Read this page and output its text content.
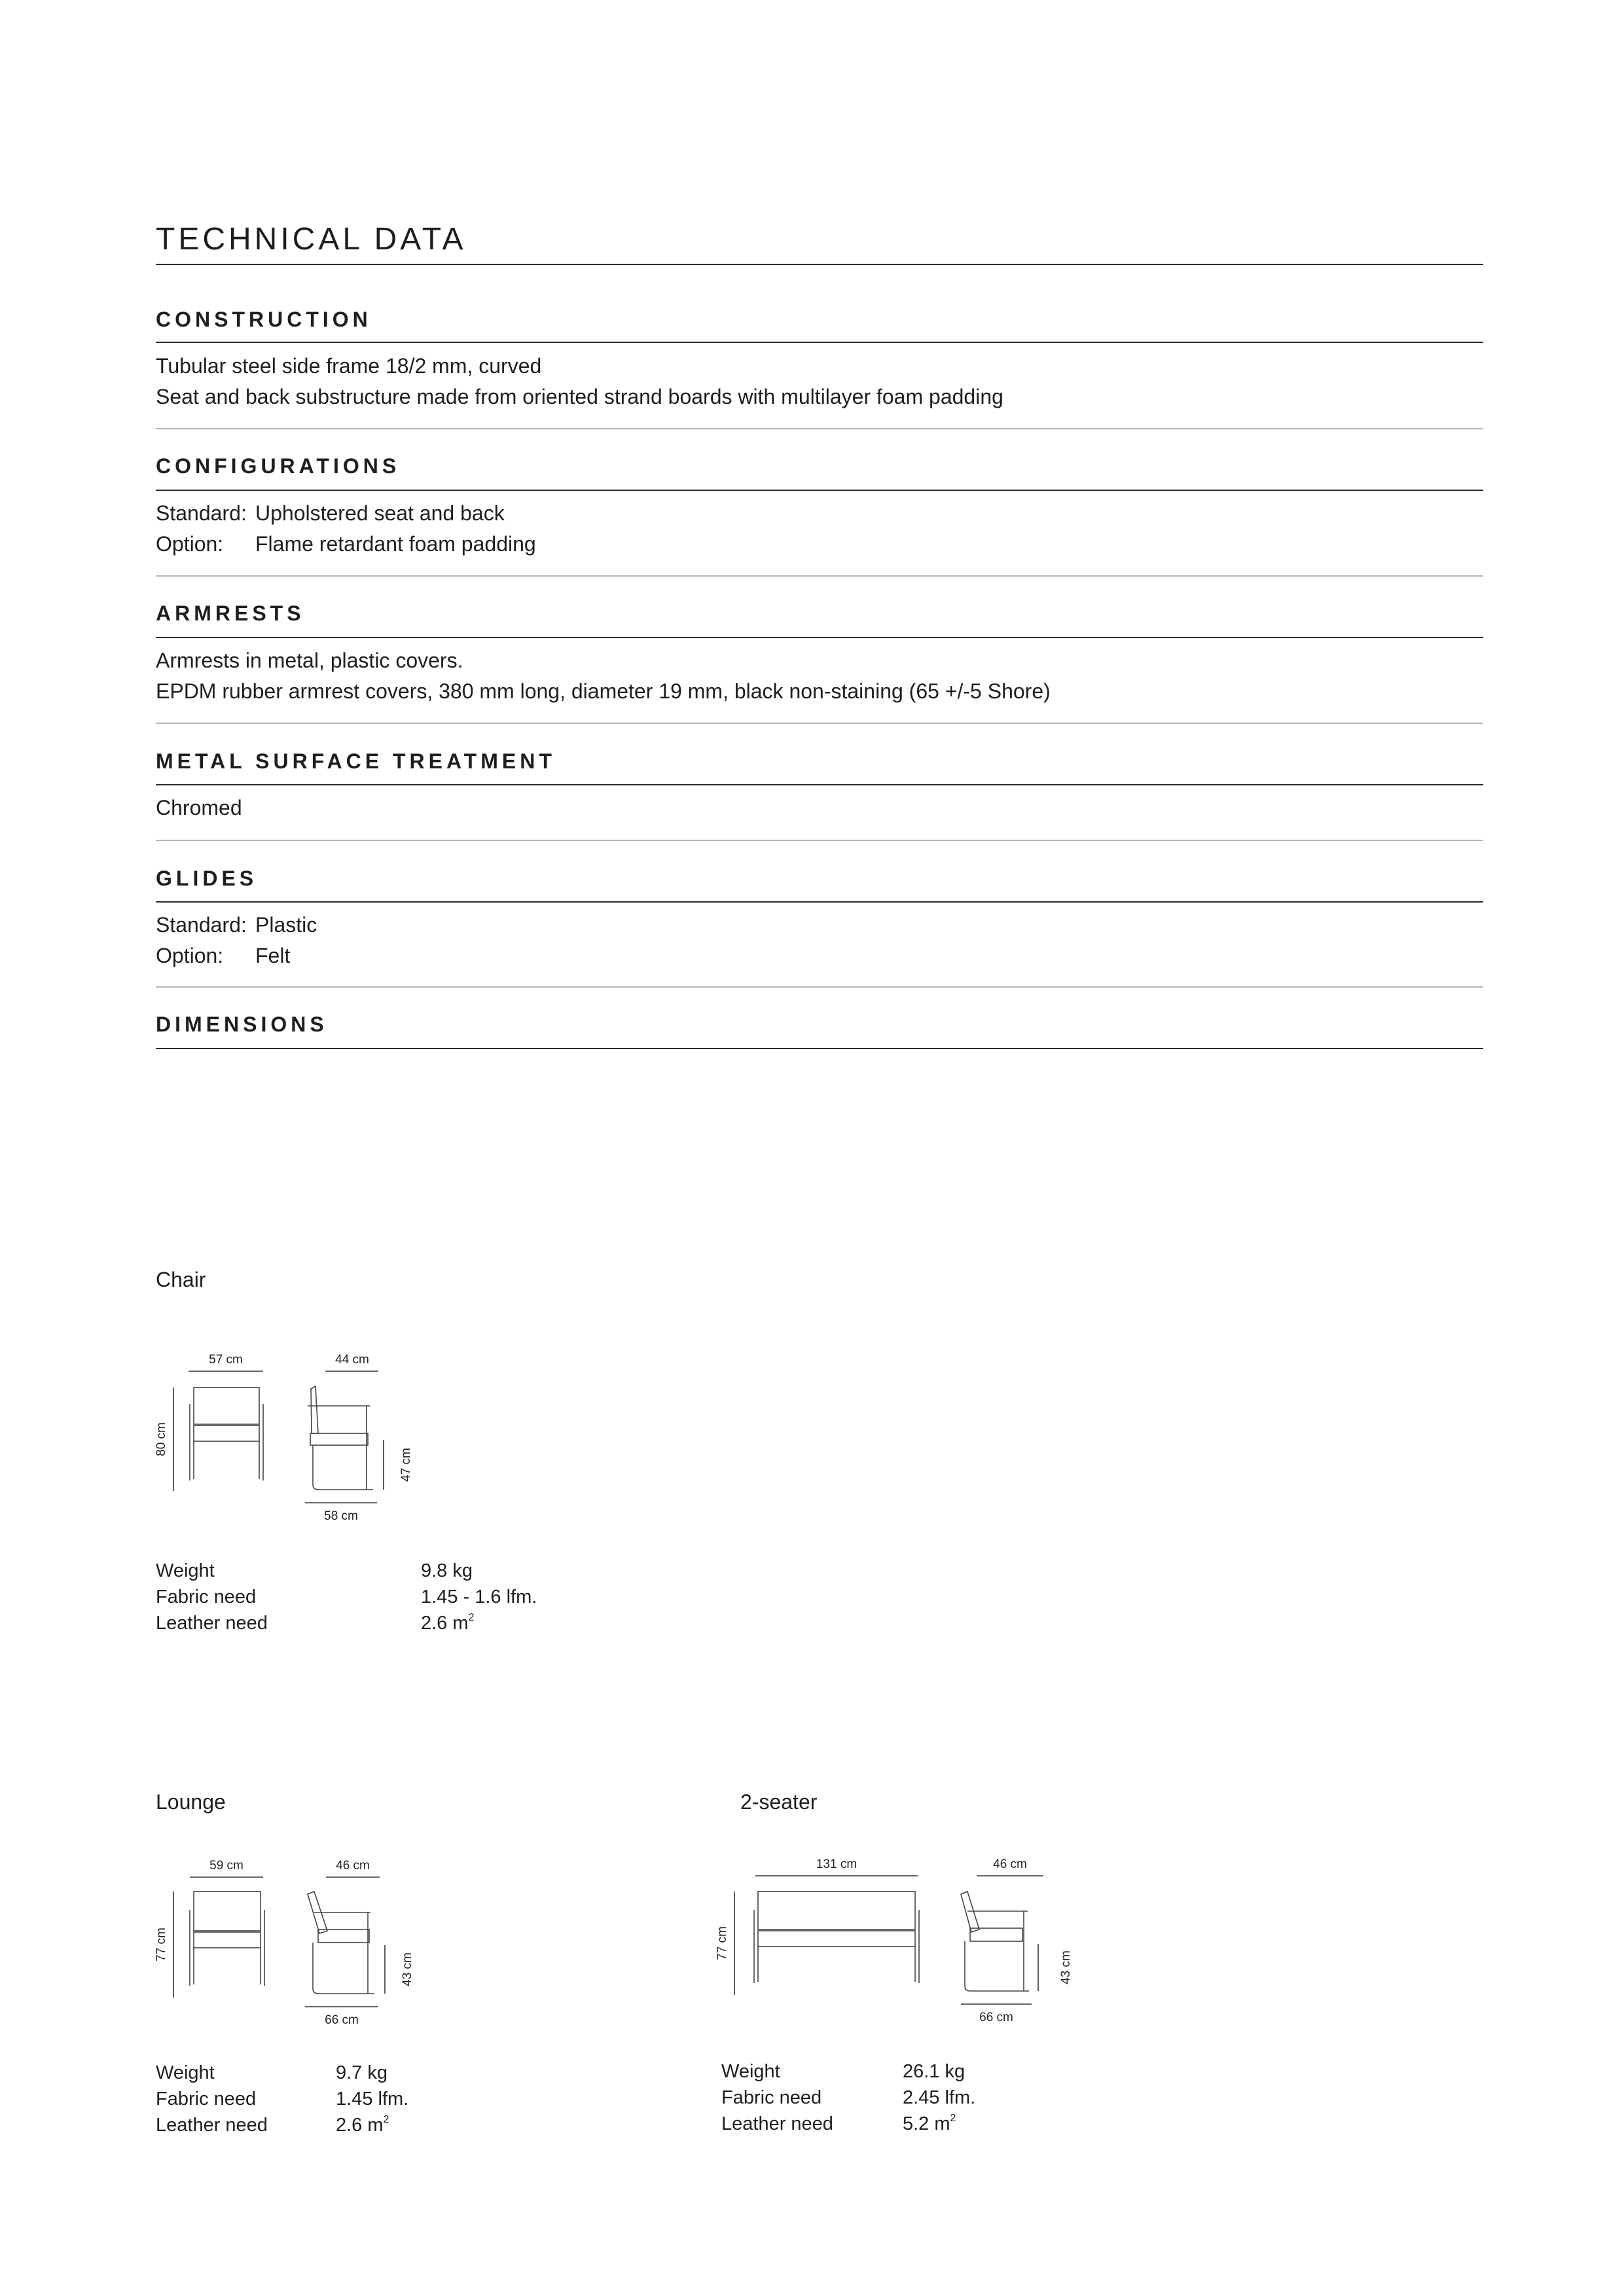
TECHNICAL DATA
CONSTRUCTION
Tubular steel side frame 18/2 mm, curved
Seat and back substructure made from oriented strand boards with multilayer foam padding
CONFIGURATIONS
Standard: Upholstered seat and back
Option: Flame retardant foam padding
ARMRESTS
Armrests in metal, plastic covers.
EPDM rubber armrest covers, 380 mm long, diameter 19 mm, black non-staining (65 +/-5 Shore)
METAL SURFACE TREATMENT
Chromed
GLIDES
Standard: Plastic
Option: Felt
DIMENSIONS
Chair
57 cm
80 cm
44 cm
47 cm
58 cm
Weight	9.8 kg
Fabric need	1.45 - 1.6 lfm.
Leather need	2.6 $m^2$
Lounge
59 cm
77 cm
46 cm
43 cm
66 cm
Weight	9.7 kg
Fabric need	1.45 lfm.
Leather need	2.6 $m^2$
2-seater
131 cm
77 cm
46 cm
43 cm
66 cm
Weight	26.1 kg
Fabric need	2.45 lfm.
Leather need	5.2 $m^2$
